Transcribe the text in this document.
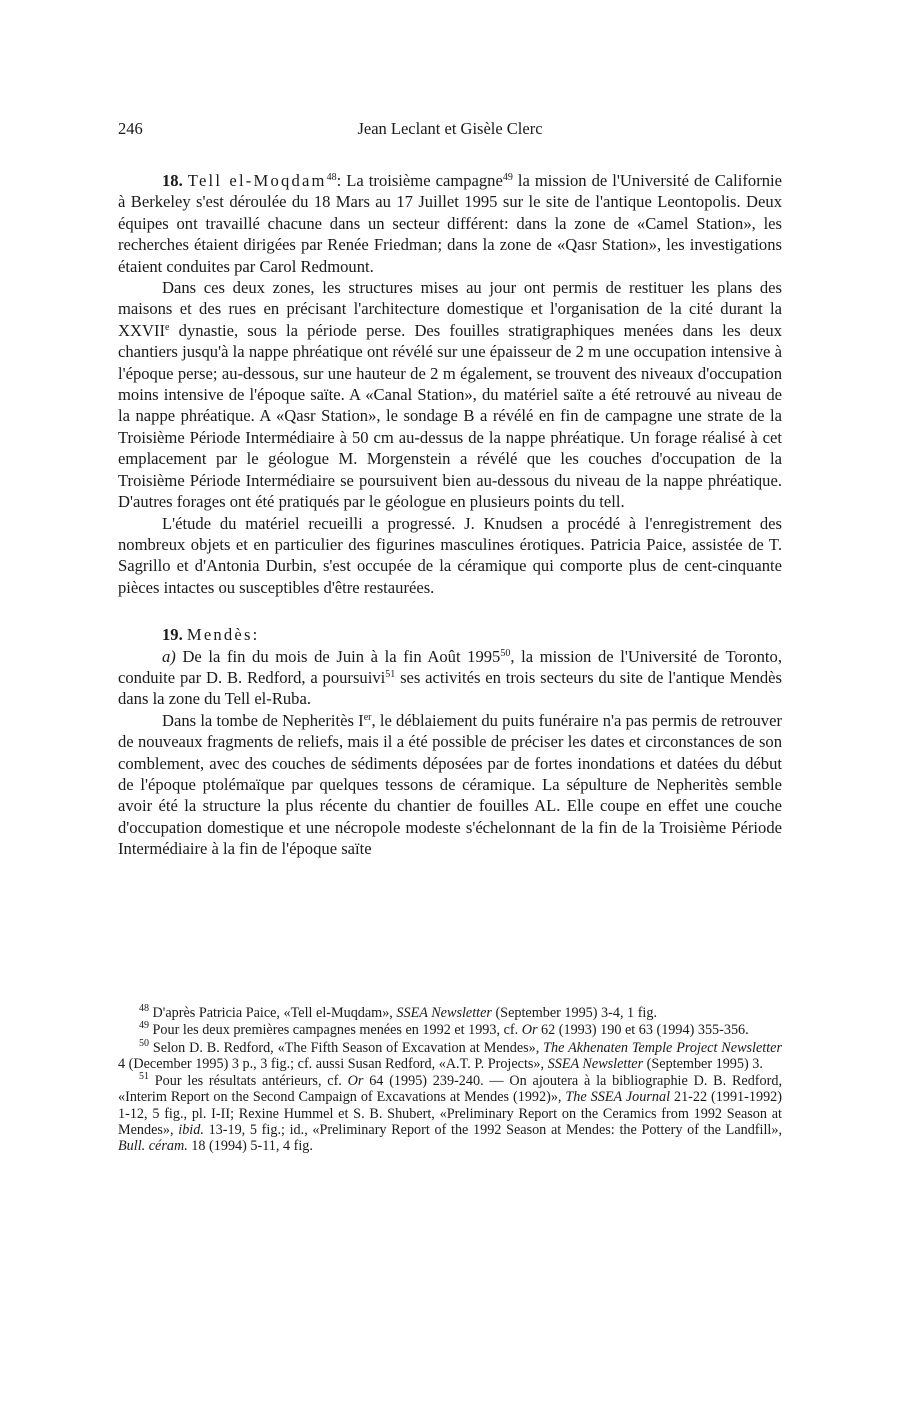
246	Jean Leclant et Gisèle Clerc

18. Tell el-Moqdam$^{48}$: La troisième campagne$^{49}$ la mission de l'Université de Californie à Berkeley s'est déroulée du 18 Mars au 17 Juillet 1995 sur le site de l'antique Leontopolis. Deux équipes ont travaillé chacune dans un secteur différent: dans la zone de «Camel Station», les recherches étaient dirigées par Renée Friedman; dans la zone de «Qasr Station», les investigations étaient conduites par Carol Redmount.

Dans ces deux zones, les structures mises au jour ont permis de restituer les plans des maisons et des rues en précisant l'architecture domestique et l'organisation de la cité durant la XXVIIe dynastie, sous la période perse. Des fouilles stratigraphiques menées dans les deux chantiers jusqu'à la nappe phréatique ont révélé sur une épaisseur de 2 m une occupation intensive à l'époque perse; au-dessous, sur une hauteur de 2 m également, se trouvent des niveaux d'occupation moins intensive de l'époque saïte. A «Canal Station», du matériel saïte a été retrouvé au niveau de la nappe phréatique. A «Qasr Station», le sondage B a révélé en fin de campagne une strate de la Troisième Période Intermédiaire à 50 cm au-dessus de la nappe phréatique. Un forage réalisé à cet emplacement par le géologue M. Morgenstein a révélé que les couches d'occupation de la Troisième Période Intermédiaire se poursuivent bien au-dessous du niveau de la nappe phréatique. D'autres forages ont été pratiqués par le géologue en plusieurs points du tell.

L'étude du matériel recueilli a progressé. J. Knudsen a procédé à l'enregistrement des nombreux objets et en particulier des figurines masculines érotiques. Patricia Paice, assistée de T. Sagrillo et d'Antonia Durbin, s'est occupée de la céramique qui comporte plus de cent-cinquante pièces intactes ou susceptibles d'être restaurées.

19. Mendès:

a) De la fin du mois de Juin à la fin Août 1995$^{50}$, la mission de l'Université de Toronto, conduite par D. B. Redford, a poursuivi$^{51}$ ses activités en trois secteurs du site de l'antique Mendès dans la zone du Tell el-Ruba.

Dans la tombe de Nepheritès Ier, le déblaiement du puits funéraire n'a pas permis de retrouver de nouveaux fragments de reliefs, mais il a été possible de préciser les dates et circonstances de son comblement, avec des couches de sédiments déposées par de fortes inondations et datées du début de l'époque ptolémaïque par quelques tessons de céramique. La sépulture de Nepheritès semble avoir été la structure la plus récente du chantier de fouilles AL. Elle coupe en effet une couche d'occupation domestique et une nécropole modeste s'échelonnant de la fin de la Troisième Période Intermédiaire à la fin de l'époque saïte

$^{48}$ D'après Patricia Paice, «Tell el-Muqdam», SSEA Newsletter (September 1995) 3-4, 1 fig.

$^{49}$ Pour les deux premières campagnes menées en 1992 et 1993, cf. Or 62 (1993) 190 et 63 (1994) 355-356.

$^{50}$ Selon D. B. Redford, «The Fifth Season of Excavation at Mendes», The Akhenaten Temple Project Newsletter 4 (December 1995) 3 p., 3 fig.; cf. aussi Susan Redford, «A.T. P. Projects», SSEA Newsletter (September 1995) 3.

$^{51}$ Pour les résultats antérieurs, cf. Or 64 (1995) 239-240. — On ajoutera à la bibliographie D. B. Redford, «Interim Report on the Second Campaign of Excavations at Mendes (1992)», The SSEA Journal 21-22 (1991-1992) 1-12, 5 fig., pl. I-II; Rexine Hummel et S. B. Shubert, «Preliminary Report on the Ceramics from 1992 Season at Mendes», ibid. 13-19, 5 fig.; id., «Preliminary Report of the 1992 Season at Mendes: the Pottery of the Landfill», Bull. céram. 18 (1994) 5-11, 4 fig.
